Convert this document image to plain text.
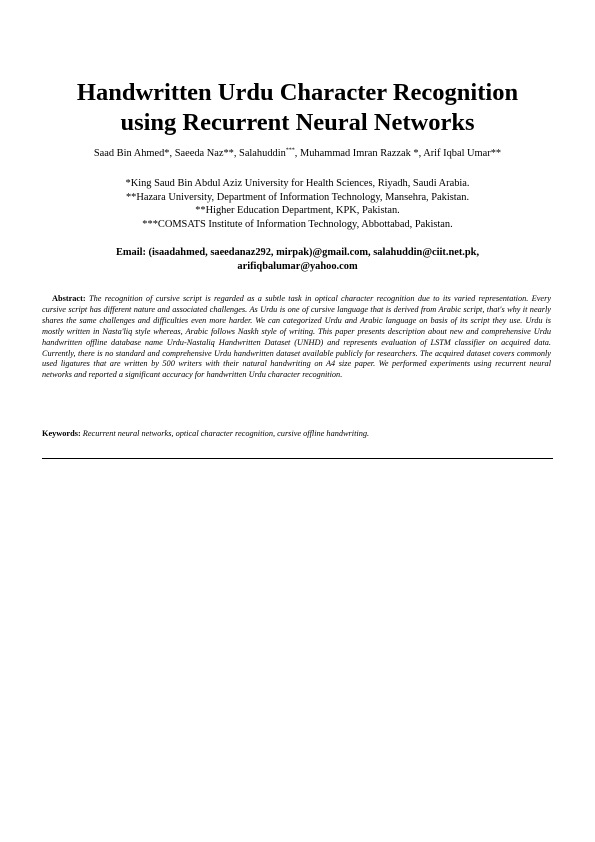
Handwritten Urdu Character Recognition
using Recurrent Neural Networks
Saad Bin Ahmed*, Saeeda Naz**, Salahuddin***, Muhammad Imran Razzak *, Arif Iqbal Umar**
*King Saud Bin Abdul Aziz University for Health Sciences, Riyadh, Saudi Arabia.
**Hazara University, Department of Information Technology, Mansehra, Pakistan.
**Higher Education Department, KPK, Pakistan.
***COMSATS Institute of Information Technology, Abbottabad, Pakistan.
Email: (isaadahmed, saeedanaz292, mirpak)@gmail.com, salahuddin@ciit.net.pk,
arifiqbalumar@yahoo.com

Abstract: The recognition of cursive script is regarded as a subtle task in optical character recognition due to its varied representation. Every cursive script has different nature and associated challenges. As Urdu is one of cursive language that is derived from Arabic script, that's why it nearly shares the same challenges and difficulties even more harder. We can categorized Urdu and Arabic language on basis of its script they use. Urdu is mostly written in Nasta'liq style whereas, Arabic follows Naskh style of writing. This paper presents description about new and comprehensive Urdu handwritten offline database name Urdu-Nastaliq Handwritten Dataset (UNHD) and represents evaluation of LSTM classifier on acquired data. Currently, there is no standard and comprehensive Urdu handwritten dataset available publicly for researchers. The acquired dataset covers commonly used ligatures that are written by 500 writers with their natural handwriting on A4 size paper. We performed experiments using recurrent neural networks and reported a significant accuracy for handwritten Urdu character recognition.

Keywords: Recurrent neural networks, optical character recognition, cursive offline handwriting.
